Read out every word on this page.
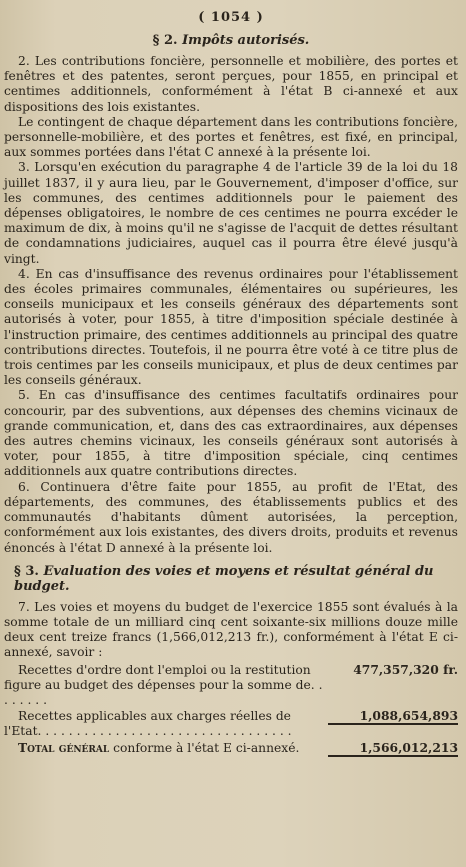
( 1054 )
§ 2. Impôts autorisés.

2. Les contributions foncière, personnelle et mobilière, des portes et fenêtres et des patentes, seront perçues, pour 1855, en principal et centimes additionnels, conformément à l'état B ci-annexé et aux dispositions des lois existantes.

Le contingent de chaque département dans les contributions foncière, personnelle-mobilière, et des portes et fenêtres, est fixé, en principal, aux sommes portées dans l'état C annexé à la présente loi.

3. Lorsqu'en exécution du paragraphe 4 de l'article 39 de la loi du 18 juillet 1837, il y aura lieu, par le Gouvernement, d'imposer d'office, sur les communes, des centimes additionnels pour le paiement des dépenses obligatoires, le nombre de ces centimes ne pourra excéder le maximum de dix, à moins qu'il ne s'agisse de l'acquit de dettes résultant de condamnations judiciaires, auquel cas il pourra être élevé jusqu'à vingt.

4. En cas d'insuffisance des revenus ordinaires pour l'établissement des écoles primaires communales, élémentaires ou supérieures, les conseils municipaux et les conseils généraux des départements sont autorisés à voter, pour 1855, à titre d'imposition spéciale destinée à l'instruction primaire, des centimes additionnels au principal des quatre contributions directes. Toutefois, il ne pourra être voté à ce titre plus de trois centimes par les conseils municipaux, et plus de deux centimes par les conseils généraux.

5. En cas d'insuffisance des centimes facultatifs ordinaires pour concourir, par des subventions, aux dépenses des chemins vicinaux de grande communication, et, dans des cas extraordinaires, aux dépenses des autres chemins vicinaux, les conseils généraux sont autorisés à voter, pour 1855, à titre d'imposition spéciale, cinq centimes additionnels aux quatre contributions directes.

6. Continuera d'être faite pour 1855, au profit de l'Etat, des départements, des communes, des établissements publics et des communautés d'habitants dûment autorisées, la perception, conformément aux lois existantes, des divers droits, produits et revenus énoncés à l'état D annexé à la présente loi.

§ 3. Evaluation des voies et moyens et résultat général du budget.

7. Les voies et moyens du budget de l'exercice 1855 sont évalués à la somme totale de un milliard cinq cent soixante-six millions douze mille deux cent treize francs (1,566,012,213 fr.), conformément à l'état E ci-annexé, savoir :

Recettes d'ordre dont l'emploi ou la restitution figure au budget des dépenses pour la somme de. . . . . . . .
477,357,320 fr.
Recettes applicables aux charges réelles de l'Etat. . . . . . . . . . . . . . . . . . . . . . . . . . . . . . . . .
1,088,654,893
Total général conforme à l'état E ci-annexé.	1,566,012,213
